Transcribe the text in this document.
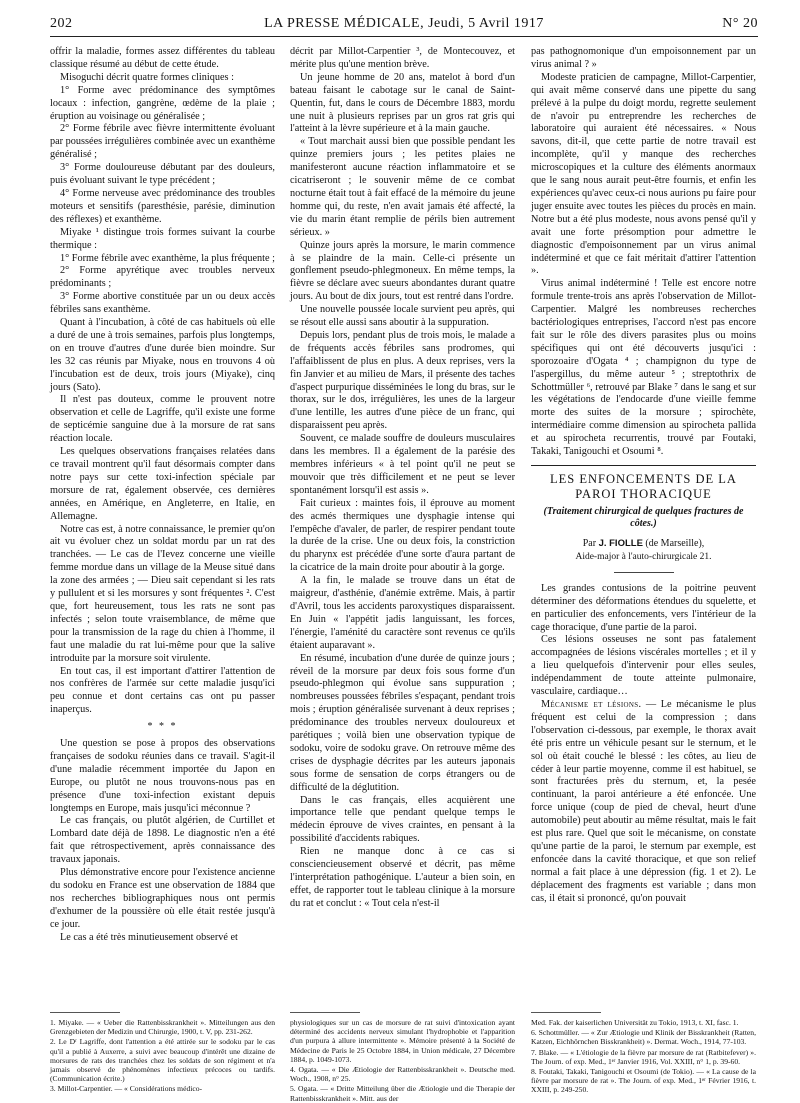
202	LA PRESSE MÉDICALE, Jeudi, 5 Avril 1917	N° 20

offrir la maladie, formes assez différentes du tableau classique résumé au début de cette étude.

Misoguchi décrit quatre formes cliniques :

1° Forme avec prédominance des symptômes locaux : infection, gangrène, œdème de la plaie ; éruption au voisinage ou généralisée ;

2° Forme fébrile avec fièvre intermittente évoluant par poussées irrégulières combinée avec un exanthème généralisé ;

3° Forme douloureuse débutant par des douleurs, puis évoluant suivant le type précédent ;

4° Forme nerveuse avec prédominance des troubles moteurs et sensitifs (paresthésie, parésie, diminution des réflexes) et exanthème.

Miyake ¹ distingue trois formes suivant la courbe thermique :

1° Forme fébrile avec exanthème, la plus fréquente ;

2° Forme apyrétique avec troubles nerveux prédominants ;

3° Forme abortive constituée par un ou deux accès fébriles sans exanthème.

Quant à l'incubation, à côté de cas habituels où elle a duré de une à trois semaines, parfois plus longtemps, on en trouve d'autres d'une durée bien moindre. Sur les 32 cas réunis par Miyake, nous en trouvons 4 où l'incubation est de deux, trois jours (Miyake), cinq jours (Sato).

Il n'est pas douteux, comme le prouvent notre observation et celle de Lagriffe, qu'il existe une forme de septicémie sanguine due à la morsure de rat sans réaction locale.

Les quelques observations françaises relatées dans ce travail montrent qu'il faut désormais compter dans notre pays sur cette toxi-infection spéciale par morsure de rat, également observée, ces dernières années, en Amérique, en Angleterre, en Italie, en Allemagne.

Notre cas est, à notre connaissance, le premier qu'on ait vu évoluer chez un soldat mordu par un rat des tranchées. — Le cas de l'Ievez concerne une vieille femme mordue dans un village de la Meuse situé dans la zone des armées ; — Dieu sait cependant si les rats y pullulent et si les morsures y sont fréquentes ². C'est que, fort heureusement, tous les rats ne sont pas infectés ; selon toute vraisemblance, de même que pour la transmission de la rage du chien à l'homme, il faut une maladie du rat lui-même pour que la salive introduite par la morsure soit virulente.

En tout cas, il est important d'attirer l'attention de nos confrères de l'armée sur cette maladie jusqu'ici peu connue et dont certains cas ont pu passer inaperçus.

* * *

Une question se pose à propos des observations françaises de sodoku réunies dans ce travail. S'agit-il d'une maladie récemment importée du Japon en Europe, ou plutôt ne nous trouvons-nous pas en présence d'une toxi-infection existant depuis longtemps en Europe, mais jusqu'ici méconnue ?

Le cas français, ou plutôt algérien, de Curtillet et Lombard date déjà de 1898. Le diagnostic n'en a été fait que rétrospectivement, après connaissance des travaux japonais.

Plus démonstrative encore pour l'existence ancienne du sodoku en France est une observation de 1884 que nos recherches bibliographiques nous ont permis d'exhumer de la poussière où elle était restée jusqu'à ce jour.

Le cas a été très minutieusement observé et

décrit par Millot-Carpentier ³, de Montecouvez, et mérite plus qu'une mention brève.

Un jeune homme de 20 ans, matelot à bord d'un bateau faisant le cabotage sur le canal de Saint-Quentin, fut, dans le cours de Décembre 1883, mordu une nuit à plusieurs reprises par un gros rat gris qui l'atteint à la lèvre supérieure et à la main gauche.

« Tout marchait aussi bien que possible pendant les quinze premiers jours ; les petites plaies ne manifesteront aucune réaction inflammatoire et se cicatriseront ; le souvenir même de ce combat nocturne était tout à fait effacé de la mémoire du jeune homme qui, du reste, n'en avait jamais été affecté, la vie du marin étant remplie de périls bien autrement sérieux. »

Quinze jours après la morsure, le marin commence à se plaindre de la main. Celle-ci présente un gonflement pseudo-phlegmoneux. En même temps, la fièvre se déclare avec sueurs abondantes durant quatre jours. Au bout de dix jours, tout est rentré dans l'ordre.

Une nouvelle poussée locale survient peu après, qui se résout elle aussi sans aboutir à la suppuration.

Depuis lors, pendant plus de trois mois, le malade a de fréquents accès fébriles sans prodromes, qui l'affaiblissent de plus en plus. A deux reprises, vers la fin Janvier et au milieu de Mars, il présente des taches d'aspect purpurique disséminées le long du bras, sur le thorax, sur le dos, irrégulières, les unes de la largeur d'une lentille, les autres d'une pièce de un franc, qui disparaissent peu après.

Souvent, ce malade souffre de douleurs musculaires dans les membres. Il a également de la parésie des membres inférieurs « à tel point qu'il ne peut se mouvoir que très difficilement et ne peut se lever spontanément lorsqu'il est assis ».

Fait curieux : maintes fois, il éprouve au moment des acmés thermiques une dysphagie intense qui l'empêche d'avaler, de parler, de respirer pendant toute la durée de la crise. Une ou deux fois, la constriction du pharynx est précédée d'une sorte d'aura partant de la cicatrice de la main droite pour aboutir à la gorge.

A la fin, le malade se trouve dans un état de maigreur, d'asthénie, d'anémie extrême. Mais, à partir d'Avril, tous les accidents paroxystiques disparaissent. En Juin « l'appétit jadis languissant, les forces, l'énergie, l'aménité du caractère sont revenus ce qu'ils étaient auparavant ».

En résumé, incubation d'une durée de quinze jours ; réveil de la morsure par deux fois sous forme d'un pseudo-phlegmon qui évolue sans suppuration ; nombreuses poussées fébriles s'espaçant, pendant trois mois ; éruption généralisée survenant à deux reprises ; prédominance des troubles nerveux douloureux et parétiques ; voilà bien une observation typique de sodoku, voire de sodoku grave. On retrouve même des crises de dysphagie décrites par les auteurs japonais sous forme de sensation de corps étrangers ou de difficulté de la déglutition.

Dans le cas français, elles acquièrent une importance telle que pendant quelque temps le médecin éprouve de vives craintes, en pensant à la possibilité d'accidents rabiques.

Rien ne manque donc à ce cas si consciencieusement observé et décrit, pas même l'interprétation pathogénique. L'auteur a bien soin, en effet, de rapporter tout le tableau clinique à la morsure du rat et conclut : « Tout cela n'est-il

pas pathognomonique d'un empoisonnement par un virus animal ? »

Modeste praticien de campagne, Millot-Carpentier, qui avait même conservé dans une pipette du sang prélevé à la pulpe du doigt mordu, regrette seulement de n'avoir pu entreprendre les recherches de laboratoire qui auraient été nécessaires. « Nous savons, dit-il, que cette partie de notre travail est incomplète, qu'il y manque des recherches microscopiques et la culture des éléments anormaux que le sang nous aurait peut-être fournis, et enfin les expériences qu'avec ceux-ci nous aurions pu faire pour juger ensuite avec toutes les pièces du procès en main. Notre but a été plus modeste, nous avons pensé qu'il y avait une forte présomption pour admettre le diagnostic d'empoisonnement par un virus animal indéterminé et que ce fait méritait d'attirer l'attention ».

Virus animal indéterminé ! Telle est encore notre formule trente-trois ans après l'observation de Millot-Carpentier. Malgré les nombreuses recherches bactériologiques entreprises, l'accord n'est pas encore fait sur le rôle des divers parasites plus ou moins spécifiques qui ont été découverts jusqu'ici : sporozoaire d'Ogata ⁴ ; champignon du type de l'aspergillus, du même auteur ⁵ ; streptothrix de Schottmüller ⁶, retrouvé par Blake ⁷ dans le sang et sur les végétations de l'endocarde d'une vieille femme morte des suites de la morsure ; spirochète, intermédiaire comme dimension au spirocheta pallida et au spirocheta recurrentis, trouvé par Foutaki, Takaki, Tanigouchi et Osoumi ⁸.

LES ENFONCEMENTS DE LA PAROI THORACIQUE
(Traitement chirurgical de quelques fractures de côtes.)
Par J. FIOLLE (de Marseille),
Aide-major à l'auto-chirurgicale 21.

Les grandes contusions de la poitrine peuvent déterminer des déformations étendues du squelette, et en particulier des enfoncements, vers l'intérieur de la cage thoracique, d'une partie de la paroi.

Ces lésions osseuses ne sont pas fatalement accompagnées de lésions viscérales mortelles ; et il y a lieu quelquefois d'intervenir pour elles seules, indépendamment de toute atteinte pulmonaire, vasculaire, cardiaque…

Mécanisme et lésions. — Le mécanisme le plus fréquent est celui de la compression ; dans l'observation ci-dessous, par exemple, le thorax avait été pris entre un véhicule pesant sur le sternum, et le sol où était couché le blessé : les côtes, au lieu de céder à leur partie moyenne, comme il est habituel, se sont fracturées près du sternum, et, la pesée continuant, la paroi antérieure a été enfoncée. Une force unique (coup de pied de cheval, heurt d'une automobile) peut aboutir au même résultat, mais le fait est plus rare. Quel que soit le mécanisme, on constate qu'une partie de la paroi, le sternum par exemple, est enfoncée dans la cavité thoracique, et que son relief normal a fait place à une dépression (fig. 1 et 2). Le déplacement des fragments est variable ; dans mon cas, il était si prononcé, qu'on pouvait

1. Miyake. — « Ueber die Rattenbisskrankheit ». Mitteilungen aus den Grenzgebieten der Medizin und Chirurgie, 1900, t. V, pp. 231-262.

2. Le Dʳ Lagriffe, dont l'attention a été attirée sur le sodoku par le cas qu'il a publié à Auxerre, a suivi avec beaucoup d'intérêt une dizaine de morsures de rats des tranchées chez les soldats de son régiment et n'a jamais observé de phénomènes infectieux précoces ou tardifs. (Communication écrite.)

3. Millot-Carpentier. — « Considérations médico-

physiologiques sur un cas de morsure de rat suivi d'intoxication ayant déterminé des accidents nerveux simulant l'hydrophobie et l'apparition d'un purpura à allure intermittente ». Mémoire présenté à la Société de Médecine de Paris le 25 Octobre 1884, in Union médicale, 27 Décembre 1884, p. 1049-1073.

4. Ogata. — « Die Ætiologie der Rattenbisskrankheit ». Deutsche med. Woch., 1908, n° 25.

5. Ogata. — « Dritte Mitteilung über die Ætiologie und die Therapie der Rattenbisskrankheit ». Mitt. aus der

Med. Fak. der kaiserlichen Universität zu Tokio, 1913, t. XI, fasc. 1.

6. Schottmüller. — « Zur Ætiologie und Klinik der Bisskrankheit (Ratten, Katzen, Eichhörnchen Bisskrankheit) ». Dermat. Woch., 1914, 77-103.

7. Blake. — « L'étiologie de la fièvre par morsure de rat (Ratbitefever) ». The Journ. of exp. Med., 1ᵉʳ Janvier 1916, Vol. XXIII, n° 1, p. 39-60.

8. Foutaki, Takaki, Tanigouchi et Osoumi (de Tokio). — « La cause de la fièvre par morsure de rat ». The Journ. of exp. Med., 1ᵉʳ Février 1916, t. XXIII, p. 249-250.
